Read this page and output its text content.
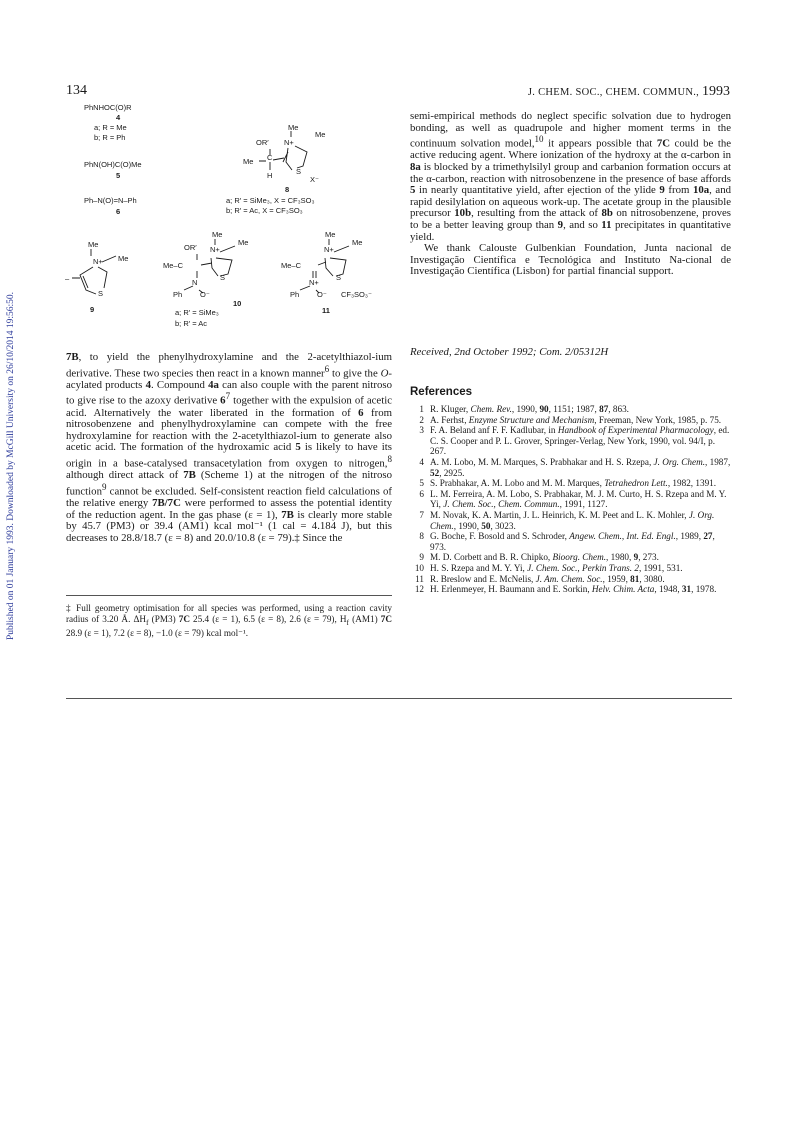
Published on 01 January 1993. Downloaded by McGill University on 26/10/2014 19:56:50.
134	J. CHEM. SOC., CHEM. COMMUN., 1993
PhNHOC(O)R
4
a; R = Me
b; R = Ph
PhN(OH)C(O)Me
5
Ph–N(O)=N–Ph
6
Me
Me
OR′ N+
C
Me
S
H	X⁻
8
a; R′ = SiMe₃, X = CF₃SO₃
b; R′ = Ac, X = CF₃SO₃
Me
Me
N+
–
S
9
Me
Me
OR′ N+
Me–C
S
N
Ph O⁻
10
a; R′ = SiMe₃
b; R′ = Ac
Me
Me
N+
Me–C
S
N+
Ph O⁻ CF₃SO₃⁻
11

7B, to yield the phenylhydroxylamine and the 2-acetylthiazol-ium derivative. These two species then react in a known manner$^6$ to give the O-acylated products 4. Compound 4a can also couple with the parent nitroso to give rise to the azoxy derivative $6^7$ together with the expulsion of acetic acid. Alternatively the water liberated in the formation of 6 from nitrosobenzene and phenylhydroxylamine can compete with the free hydroxylamine for reaction with the 2-acetylthiazol-ium to generate also acetic acid. The formation of the hydroxamic acid 5 is likely to have its origin in a base-catalysed transacetylation from oxygen to nitrogen,$^8$ although direct attack of 7B (Scheme 1) at the nitrogen of the nitroso function$^9$ cannot be excluded. Self-consistent reaction field calculations of the relative energy 7B/7C were performed to assess the potential identity of the reduction agent. In the gas phase (ε = 1), 7B is clearly more stable by 45.7 (PM3) or 39.4 (AM1) kcal mol⁻¹ (1 cal = 4.184 J), but this decreases to 28.8/18.7 (ε = 8) and 20.0/10.8 (ε = 79).‡ Since the

‡ Full geometry optimisation for all species was performed, using a reaction cavity radius of 3.20 Å. $\Delta H_f$ (PM3) 7C 25.4 (ε = 1), 6.5 (ε = 8), 2.6 (ε = 79), $H_f$ (AM1) 7C 28.9 (ε = 1), 7.2 (ε = 8), −1.0 (ε = 79) kcal mol⁻¹.

semi-empirical methods do neglect specific solvation due to hydrogen bonding, as well as quadrupole and higher moment terms in the continuum solvation model,$^{10}$ it appears possible that 7C could be the active reducing agent. Where ionization of the hydroxy at the α-carbon in 8a is blocked by a trimethylsilyl group and carbanion formation occurs at the α-carbon, reaction with nitrosobenzene in the presence of base affords 5 in nearly quantitative yield, after ejection of the ylide 9 from 10a, and rapid desilylation on aqueous work-up. The acetate group in the plausible precursor 10b, resulting from the attack of 8b on nitrosobenzene, proves to be a better leaving group than 9, and so 11 precipitates in quantitative yield.

We thank Calouste Gulbenkian Foundation, Junta nacional de Investigação Científica e Tecnológica and Instituto Na-cional de Investigação Científica (Lisbon) for partial financial support.

Received, 2nd October 1992; Com. 2/05312H
References
1 R. Kluger, Chem. Rev., 1990, 90, 1151; 1987, 87, 863.
2 A. Ferhst, Enzyme Structure and Mechanism, Freeman, New York, 1985, p. 75.
3 F. A. Beland anf F. F. Kadlubar, in Handbook of Experimental Pharmacology, ed. C. S. Cooper and P. L. Grover, Springer-Verlag, New York, 1990, vol. 94/I, p. 267.
4 A. M. Lobo, M. M. Marques, S. Prabhakar and H. S. Rzepa, J. Org. Chem., 1987, 52, 2925.
5 S. Prabhakar, A. M. Lobo and M. M. Marques, Tetrahedron Lett., 1982, 1391.
6 L. M. Ferreira, A. M. Lobo, S. Prabhakar, M. J. M. Curto, H. S. Rzepa and M. Y. Yi, J. Chem. Soc., Chem. Commun., 1991, 1127.
7 M. Novak, K. A. Martin, J. L. Heinrich, K. M. Peet and L. K. Mohler, J. Org. Chem., 1990, 50, 3023.
8 G. Boche, F. Bosold and S. Schroder, Angew. Chem., Int. Ed. Engl., 1989, 27, 973.
9 M. D. Corbett and B. R. Chipko, Bioorg. Chem., 1980, 9, 273.
10 H. S. Rzepa and M. Y. Yi, J. Chem. Soc., Perkin Trans. 2, 1991, 531.
11 R. Breslow and E. McNelis, J. Am. Chem. Soc., 1959, 81, 3080.
12 H. Erlenmeyer, H. Baumann and E. Sorkin, Helv. Chim. Acta, 1948, 31, 1978.
